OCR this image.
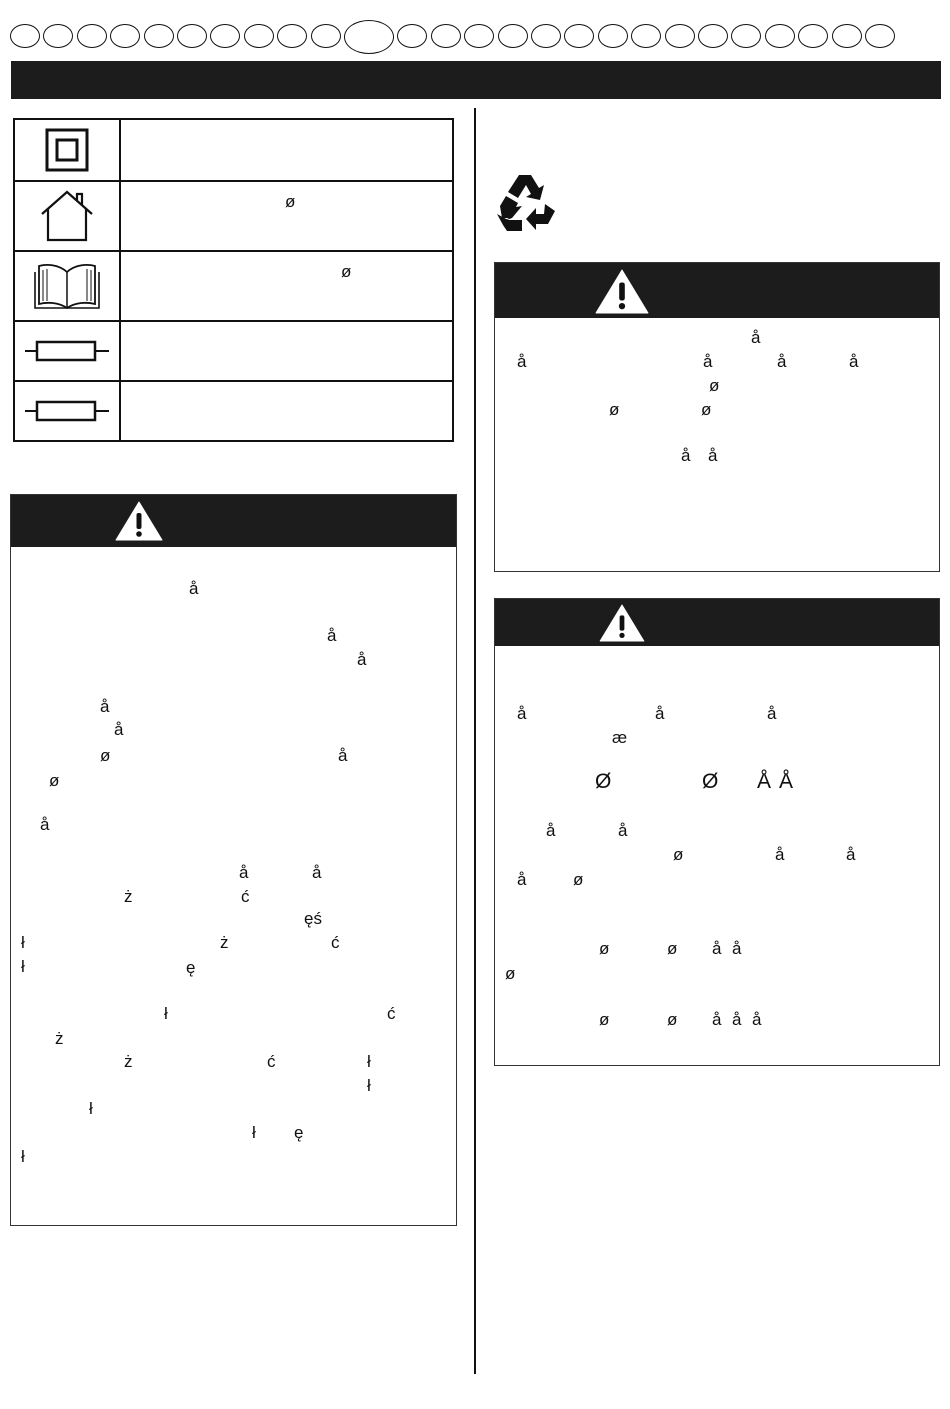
ø

ø

å
å
å
å
å
ø	å
ø
å
å	å
ż	ć
ęś
ł	ż	ć
ł	ę
ł	ć
ż
ż	ć	ł
ł
ł
ł ę
ł
å
å	å	å	å
ø
ø	ø
å å
å	å	å
æ
Ø	Ø Å Å
å	å
ø	å	å
å	ø
ø	ø å å
ø
ø	ø å å å
